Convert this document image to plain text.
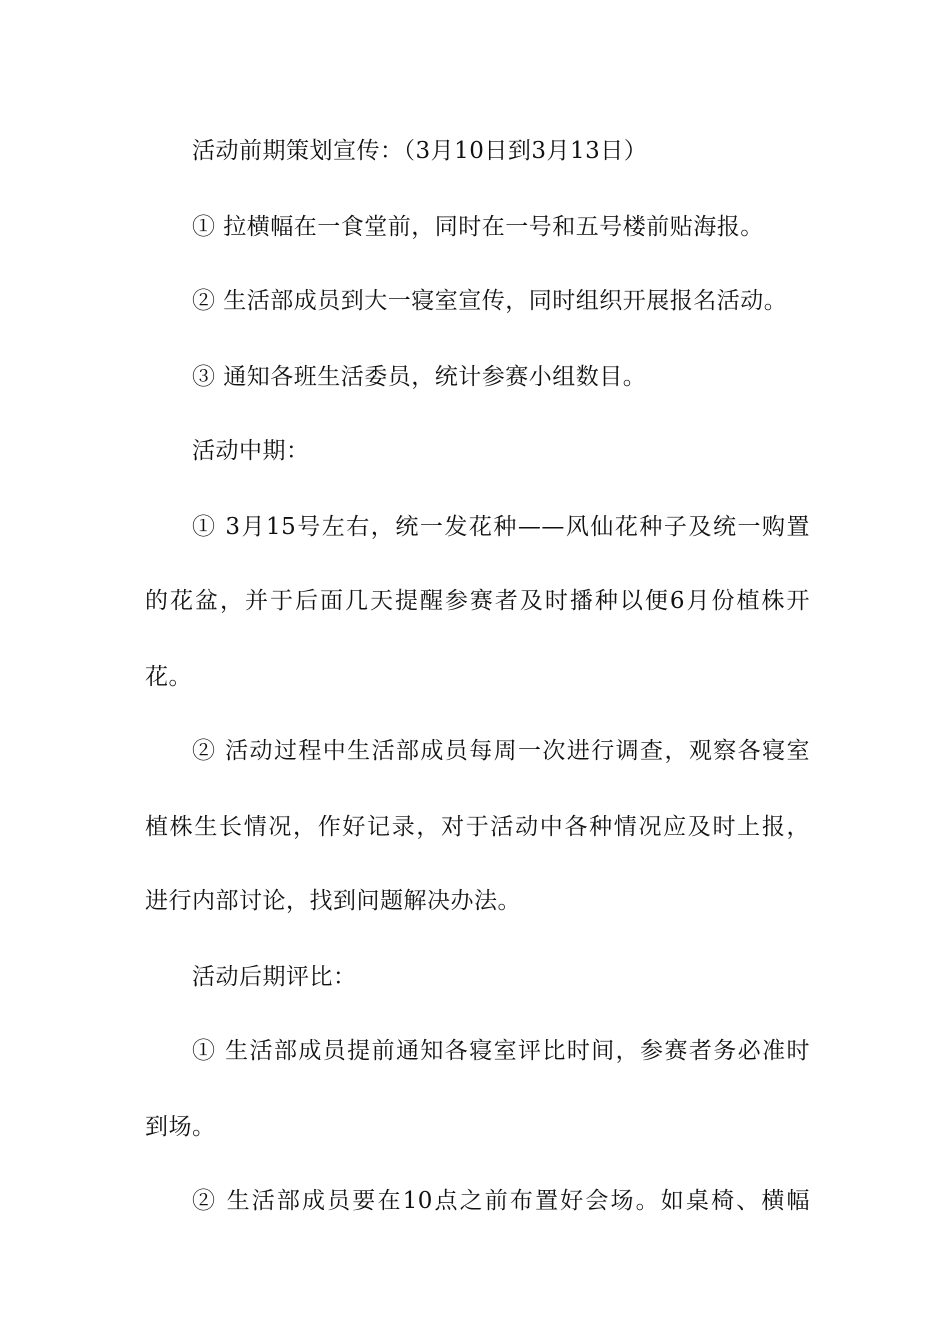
活动前期策划宣传：（3月10日到3月13日）
① 拉横幅在一食堂前，同时在一号和五号楼前贴海报。
② 生活部成员到大一寝室宣传，同时组织开展报名活动。
③ 通知各班生活委员，统计参赛小组数目。
活动中期：
① 3月15号左右，统一发花种——风仙花种子及统一购置
的花盆，并于后面几天提醒参赛者及时播种以便6月份植株开
花。
② 活动过程中生活部成员每周一次进行调查，观察各寝室
植株生长情况，作好记录，对于活动中各种情况应及时上报，
进行内部讨论，找到问题解决办法。
活动后期评比：
① 生活部成员提前通知各寝室评比时间，参赛者务必准时
到场。
② 生活部成员要在10点之前布置好会场。如桌椅、横幅
